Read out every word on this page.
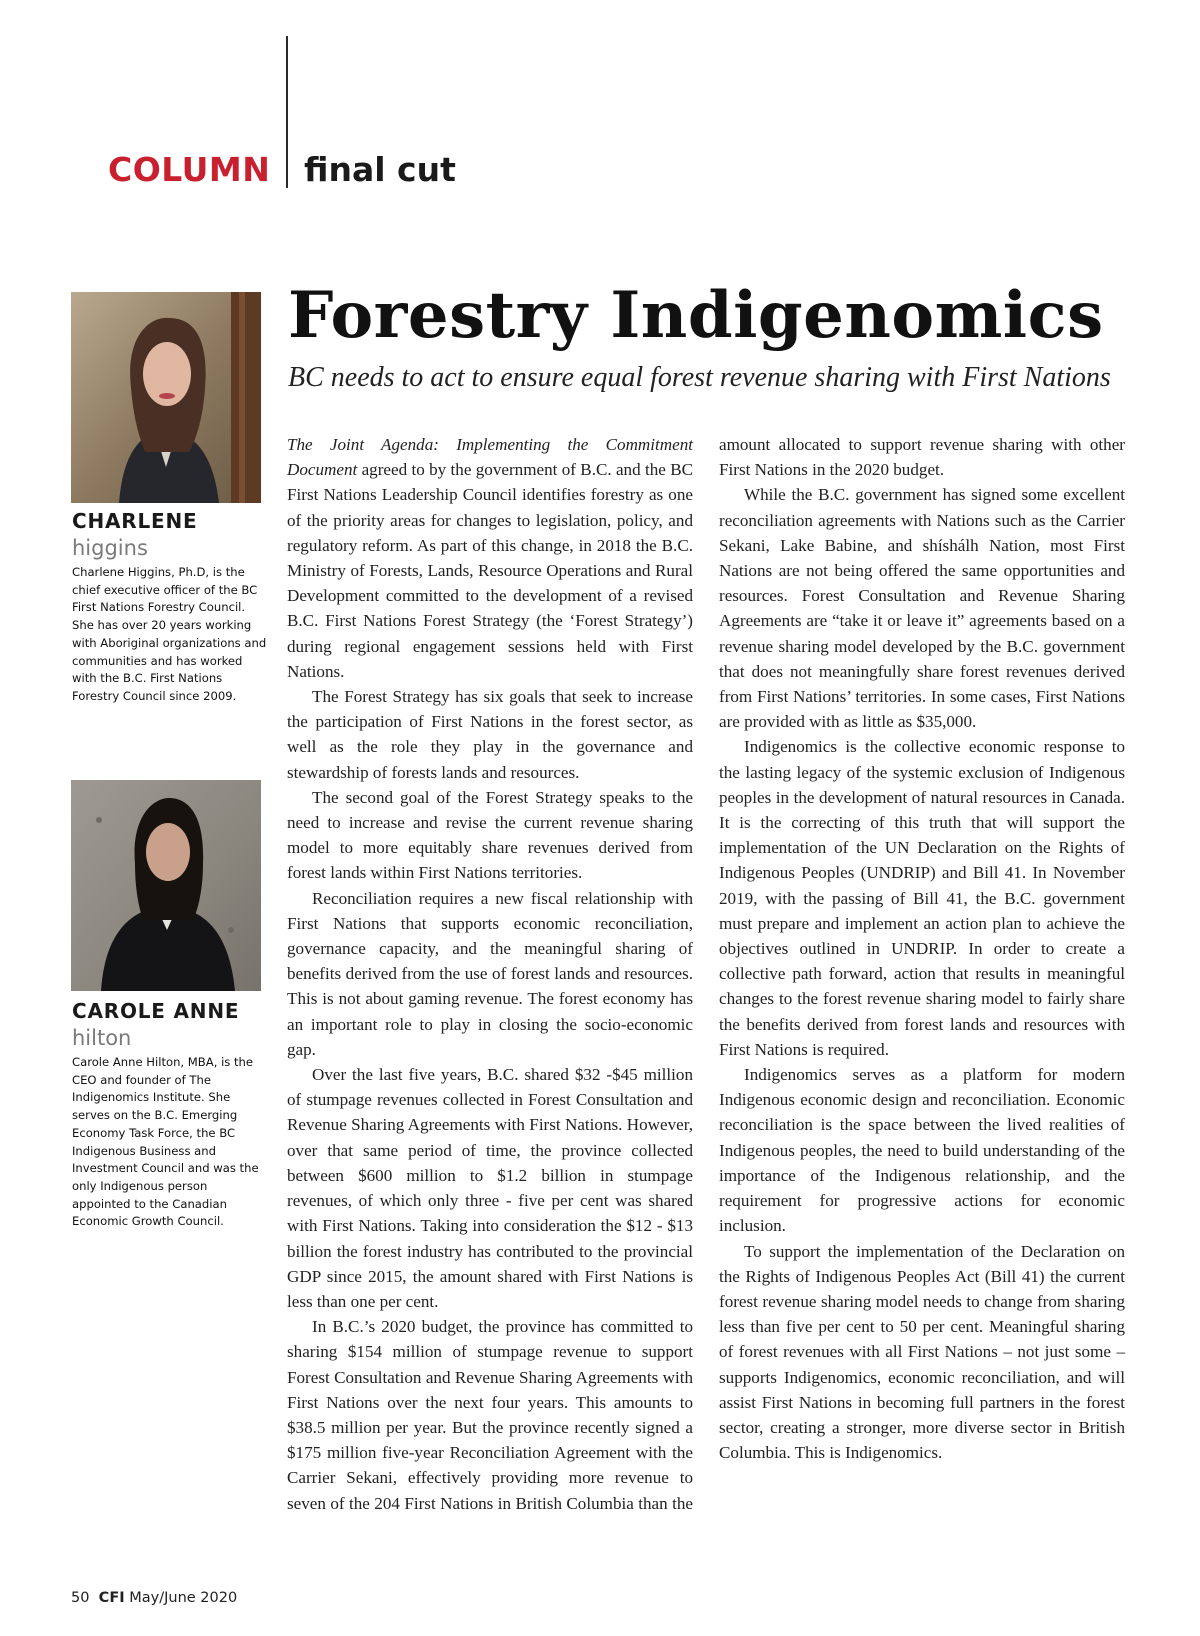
COLUMN final cut
Forestry Indigenomics
BC needs to act to ensure equal forest revenue sharing with First Nations
CHARLENE
higgins
Charlene Higgins, Ph.D, is the chief executive officer of the BC First Nations Forestry Council. She has over 20 years working with Aboriginal organizations and communities and has worked with the B.C. First Nations Forestry Council since 2009.
CAROLE ANNE
hilton
Carole Anne Hilton, MBA, is the CEO and founder of The Indigenomics Institute. She serves on the B.C. Emerging Economy Task Force, the BC Indigenous Business and Investment Council and was the only Indigenous person appointed to the Canadian Economic Growth Council.

The Joint Agenda: Implementing the Commitment Document agreed to by the government of B.C. and the BC First Nations Leadership Council identifies forestry as one of the priority areas for changes to legislation, policy, and regulatory reform. As part of this change, in 2018 the B.C. Ministry of Forests, Lands, Resource Operations and Rural Development committed to the development of a revised B.C. First Nations Forest Strategy (the ‘Forest Strategy’) during regional engagement sessions held with First Nations.

The Forest Strategy has six goals that seek to increase the participation of First Nations in the forest sector, as well as the role they play in the governance and stewardship of forests lands and resources.

The second goal of the Forest Strategy speaks to the need to increase and revise the current revenue sharing model to more equitably share revenues derived from forest lands within First Nations territories.

Reconciliation requires a new fiscal relationship with First Nations that supports economic reconciliation, governance capacity, and the meaningful sharing of benefits derived from the use of forest lands and resources. This is not about gaming revenue. The forest economy has an important role to play in closing the socio-economic gap.

Over the last five years, B.C. shared $32 -$45 million of stumpage revenues collected in Forest Consultation and Revenue Sharing Agreements with First Nations. However, over that same period of time, the province collected between $600 million to $1.2 billion in stumpage revenues, of which only three - five per cent was shared with First Nations. Taking into consideration the $12 - $13 billion the forest industry has contributed to the provincial GDP since 2015, the amount shared with First Nations is less than one per cent.

In B.C.’s 2020 budget, the province has committed to sharing $154 million of stumpage revenue to support Forest Consultation and Revenue Sharing Agreements with First Nations over the next four years. This amounts to $38.5 million per year. But the province recently signed a $175 million five-year Reconciliation Agreement with the Carrier Sekani, effectively providing more revenue to seven of the 204 First Nations in British Columbia than the amount allocated to support revenue sharing with other First Nations in the 2020 budget.

While the B.C. government has signed some excellent reconciliation agreements with Nations such as the Carrier Sekani, Lake Babine, and shíshálh Nation, most First Nations are not being offered the same opportunities and resources. Forest Consultation and Revenue Sharing Agreements are “take it or leave it” agreements based on a revenue sharing model developed by the B.C. government that does not meaningfully share forest revenues derived from First Nations’ territories. In some cases, First Nations are provided with as little as $35,000.

Indigenomics is the collective economic response to the lasting legacy of the systemic exclusion of Indigenous peoples in the development of natural resources in Canada. It is the correcting of this truth that will support the implementation of the UN Declaration on the Rights of Indigenous Peoples (UNDRIP) and Bill 41. In November 2019, with the passing of Bill 41, the B.C. government must prepare and implement an action plan to achieve the objectives outlined in UNDRIP. In order to create a collective path forward, action that results in meaningful changes to the forest revenue sharing model to fairly share the benefits derived from forest lands and resources with First Nations is required.

Indigenomics serves as a platform for modern Indigenous economic design and reconciliation. Economic reconciliation is the space between the lived realities of Indigenous peoples, the need to build understanding of the importance of the Indigenous relationship, and the requirement for progressive actions for economic inclusion.

To support the implementation of the Declaration on the Rights of Indigenous Peoples Act (Bill 41) the current forest revenue sharing model needs to change from sharing less than five per cent to 50 per cent. Meaningful sharing of forest revenues with all First Nations – not just some – supports Indigenomics, economic reconciliation, and will assist First Nations in becoming full partners in the forest sector, creating a stronger, more diverse sector in British Columbia. This is Indigenomics.

50 CFI May/June 2020
